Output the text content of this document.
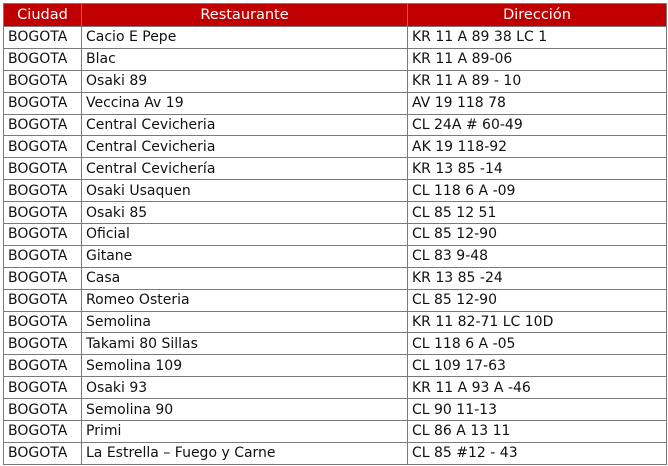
Ciudad	Restaurante	Dirección
BOGOTA	Cacio E Pepe	KR 11 A 89 38 LC 1
BOGOTA	Blac	KR 11 A 89-06
BOGOTA	Osaki 89	KR 11 A 89 - 10
BOGOTA	Veccina Av 19	AV 19 118 78
BOGOTA	Central Cevicheria	CL 24A # 60-49
BOGOTA	Central Cevicheria	AK 19 118-92
BOGOTA	Central Cevichería	KR 13 85 -14
BOGOTA	Osaki Usaquen	CL 118 6 A -09
BOGOTA	Osaki 85	CL 85 12 51
BOGOTA	Oficial	CL 85 12-90
BOGOTA	Gitane	CL 83 9-48
BOGOTA	Casa	KR 13 85 -24
BOGOTA	Romeo Osteria	CL 85 12-90
BOGOTA	Semolina	KR 11 82-71 LC 10D
BOGOTA	Takami 80 Sillas	CL 118 6 A -05
BOGOTA	Semolina 109	CL 109 17-63
BOGOTA	Osaki 93	KR 11 A 93 A -46
BOGOTA	Semolina 90	CL 90 11-13
BOGOTA	Primi	CL 86 A 13 11
BOGOTA	La Estrella – Fuego y Carne	CL 85 #12 - 43
